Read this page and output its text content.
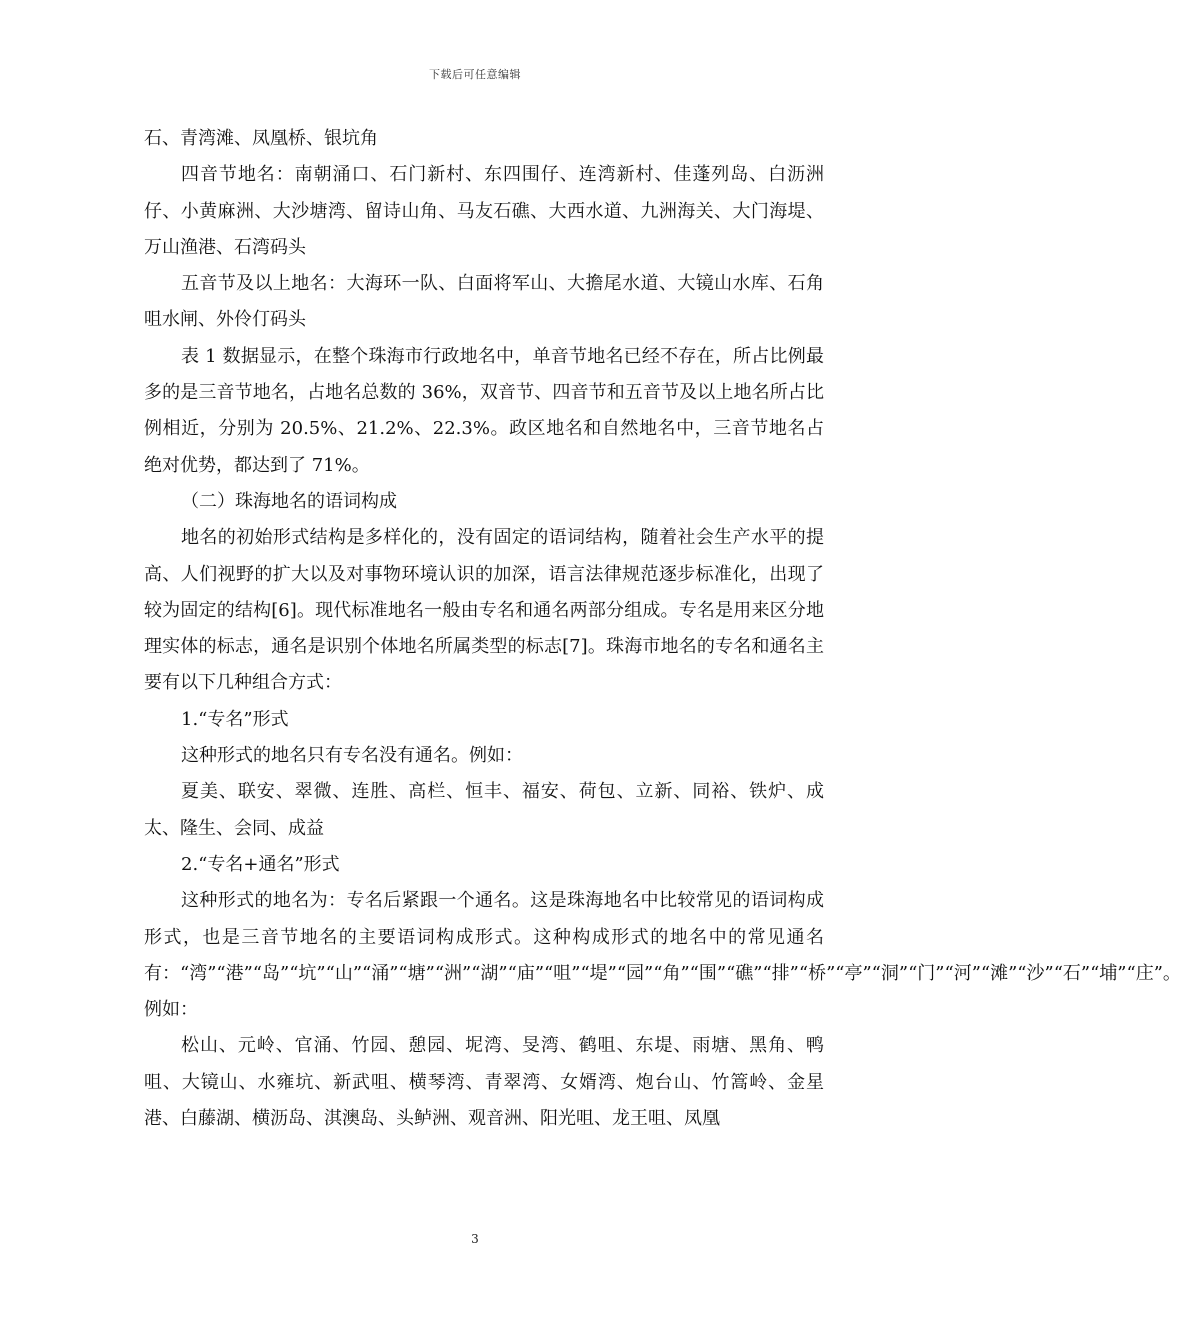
下载后可任意编辑

石、青湾滩、凤凰桥、银坑角

四音节地名：南朝涌口、石门新村、东四围仔、连湾新村、佳蓬列岛、白沥洲仔、小黄麻洲、大沙塘湾、留诗山角、马友石礁、大西水道、九洲海关、大门海堤、万山渔港、石湾码头

五音节及以上地名：大海环一队、白面将军山、大擔尾水道、大镜山水库、石角咀水闸、外伶仃码头

表 1 数据显示，在整个珠海市行政地名中，单音节地名已经不存在，所占比例最多的是三音节地名，占地名总数的 36%，双音节、四音节和五音节及以上地名所占比例相近，分别为 20.5%、21.2%、22.3%。政区地名和自然地名中，三音节地名占绝对优势，都达到了 71%。

（二）珠海地名的语词构成

地名的初始形式结构是多样化的，没有固定的语词结构，随着社会生产水平的提高、人们视野的扩大以及对事物环境认识的加深，语言法律规范逐步标准化，出现了较为固定的结构[6]。现代标准地名一般由专名和通名两部分组成。专名是用来区分地理实体的标志，通名是识别个体地名所属类型的标志[7]。珠海市地名的专名和通名主要有以下几种组合方式：

1.“专名”形式

这种形式的地名只有专名没有通名。例如：

夏美、联安、翠微、连胜、高栏、恒丰、福安、荷包、立新、同裕、铁炉、成太、隆生、会同、成益

2.“专名+通名”形式

这种形式的地名为：专名后紧跟一个通名。这是珠海地名中比较常见的语词构成形式，也是三音节地名的主要语词构成形式。这种构成形式的地名中的常见通名有：“湾”“港”“岛”“坑”“山”“涌”“塘”“洲”“湖”“庙”“咀”“堤”“园”“角”“围”“礁”“排”“桥”“亭”“洞”“门”“河”“滩”“沙”“石”“埔”“庄”。例如：

松山、元岭、官涌、竹园、憩园、坭湾、旻湾、鹤咀、东堤、雨塘、黑角、鸭咀、大镜山、水雍坑、新武咀、横琴湾、青翠湾、女婿湾、炮台山、竹篙岭、金星港、白藤湖、横沥岛、淇澳岛、头鲈洲、观音洲、阳光咀、龙王咀、凤凰

3
